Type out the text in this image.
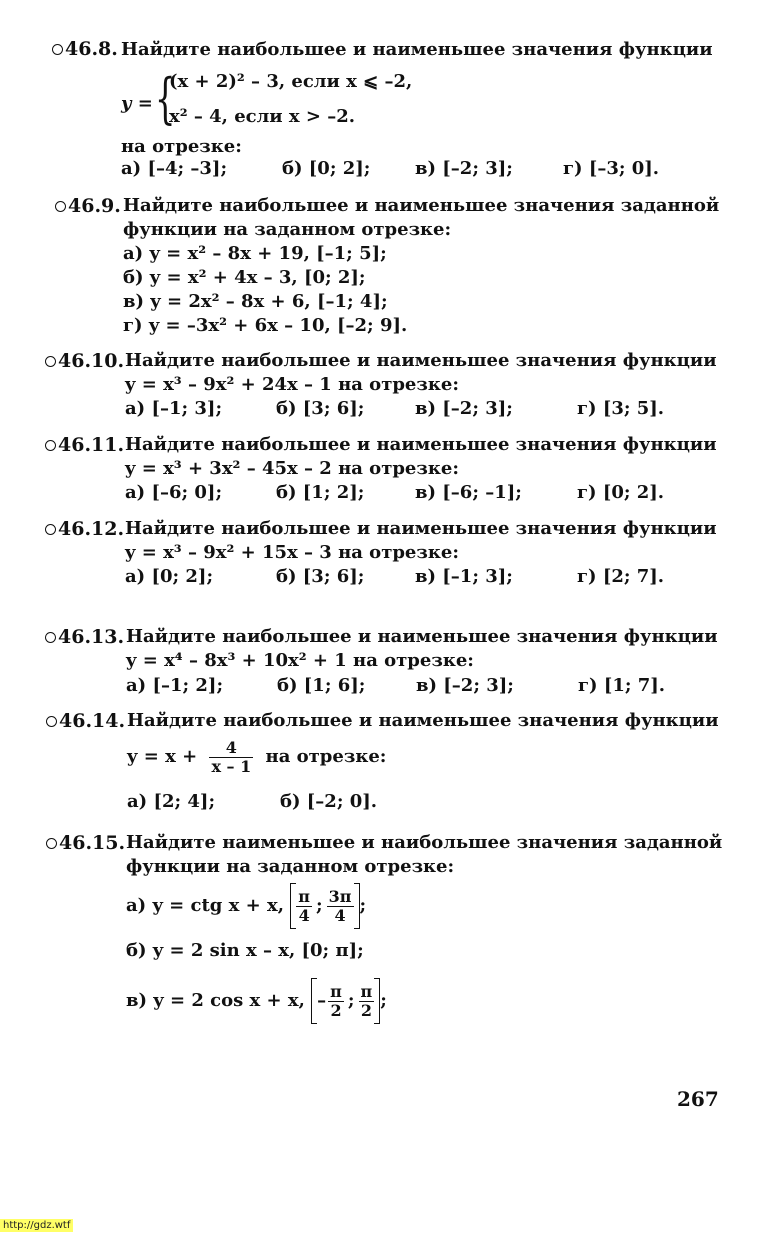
46.8. Найдите наибольшее и наименьшее значения функции
y = {
(x + 2)² – 3, если x ⩽ –2,
x² – 4, если x > –2.
на отрезке:
а) [–4; –3];	б) [0; 2]; в) [–2; 3];	г) [–3; 0].
46.9. Найдите наибольшее и наименьшее значения заданной
функции на заданном отрезке:
а) y = x² – 8x + 19, [–1; 5];
б) y = x² + 4x – 3, [0; 2];
в) y = 2x² – 8x + 6, [–1; 4];
г) y = –3x² + 6x – 10, [–2; 9].
46.10. Найдите наибольшее и наименьшее значения функции
y = x³ – 9x² + 24x – 1 на отрезке:
а) [–1; 3];	б) [3; 6];	в) [–2; 3];	г) [3; 5].
46.11. Найдите наибольшее и наименьшее значения функции
y = x³ + 3x² – 45x – 2 на отрезке:
а) [–6; 0];	б) [1; 2];	в) [–6; –1];	г) [0; 2].
46.12. Найдите наибольшее и наименьшее значения функции
y = x³ – 9x² + 15x – 3 на отрезке:
а) [0; 2];	б) [3; 6];	в) [–1; 3];	г) [2; 7].
46.13. Найдите наибольшее и наименьшее значения функции
y = x⁴ – 8x³ + 10x² + 1 на отрезке:
а) [–1; 2];	б) [1; 6];	в) [–2; 3];	г) [1; 7].
46.14. Найдите наибольшее и наименьшее значения функции
$y = x + \frac{4}{x - 1}$ на отрезке:
а) [2; 4];	б) [–2; 0].
46.15. Найдите наименьшее и наибольшее значения заданной
функции на заданном отрезке:
а) y = ctg x + x, $\frac{\pi}{4}$ ; $\frac{3\pi}{4}$ ;
б) y = 2 sin x – x, [0; π];
в) y = 2 cos x + x, – $\frac{\pi}{2}$ ; $\frac{\pi}{2}$ ;
267
http://gdz.wtf
